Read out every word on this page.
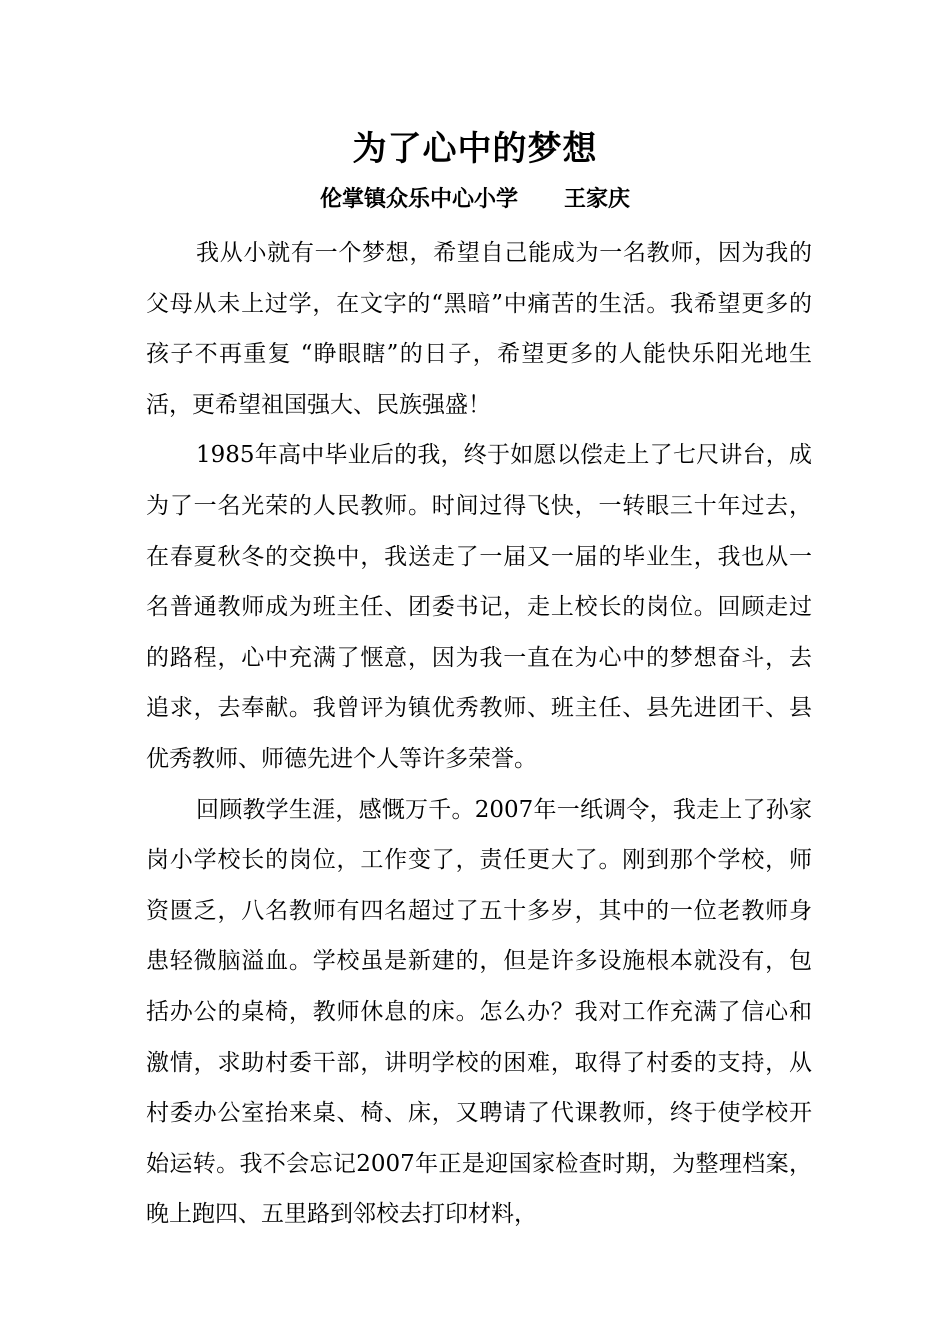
为了心中的梦想
伦掌镇众乐中心小学      王家庆

我从小就有一个梦想，希望自己能成为一名教师，因为我的父母从未上过学，在文字的“黑暗”中痛苦的生活。我希望更多的孩子不再重复 “睁眼瞎”的日子，希望更多的人能快乐阳光地生活，更希望祖国强大、民族强盛！

1985年高中毕业后的我，终于如愿以偿走上了七尺讲台，成为了一名光荣的人民教师。时间过得飞快，一转眼三十年过去，在春夏秋冬的交换中，我送走了一届又一届的毕业生，我也从一名普通教师成为班主任、团委书记，走上校长的岗位。回顾走过的路程，心中充满了惬意，因为我一直在为心中的梦想奋斗，去追求，去奉献。我曾评为镇优秀教师、班主任、县先进团干、县优秀教师、师德先进个人等许多荣誉。

回顾教学生涯，感慨万千。2007年一纸调令，我走上了孙家岗小学校长的岗位，工作变了，责任更大了。刚到那个学校，师资匮乏，八名教师有四名超过了五十多岁，其中的一位老教师身患轻微脑溢血。学校虽是新建的，但是许多设施根本就没有，包括办公的桌椅，教师休息的床。怎么办？我对工作充满了信心和激情，求助村委干部，讲明学校的困难，取得了村委的支持，从村委办公室抬来桌、椅、床，又聘请了代课教师，终于使学校开始运转。我不会忘记2007年正是迎国家检查时期，为整理档案，晚上跑四、五里路到邻校去打印材料，
